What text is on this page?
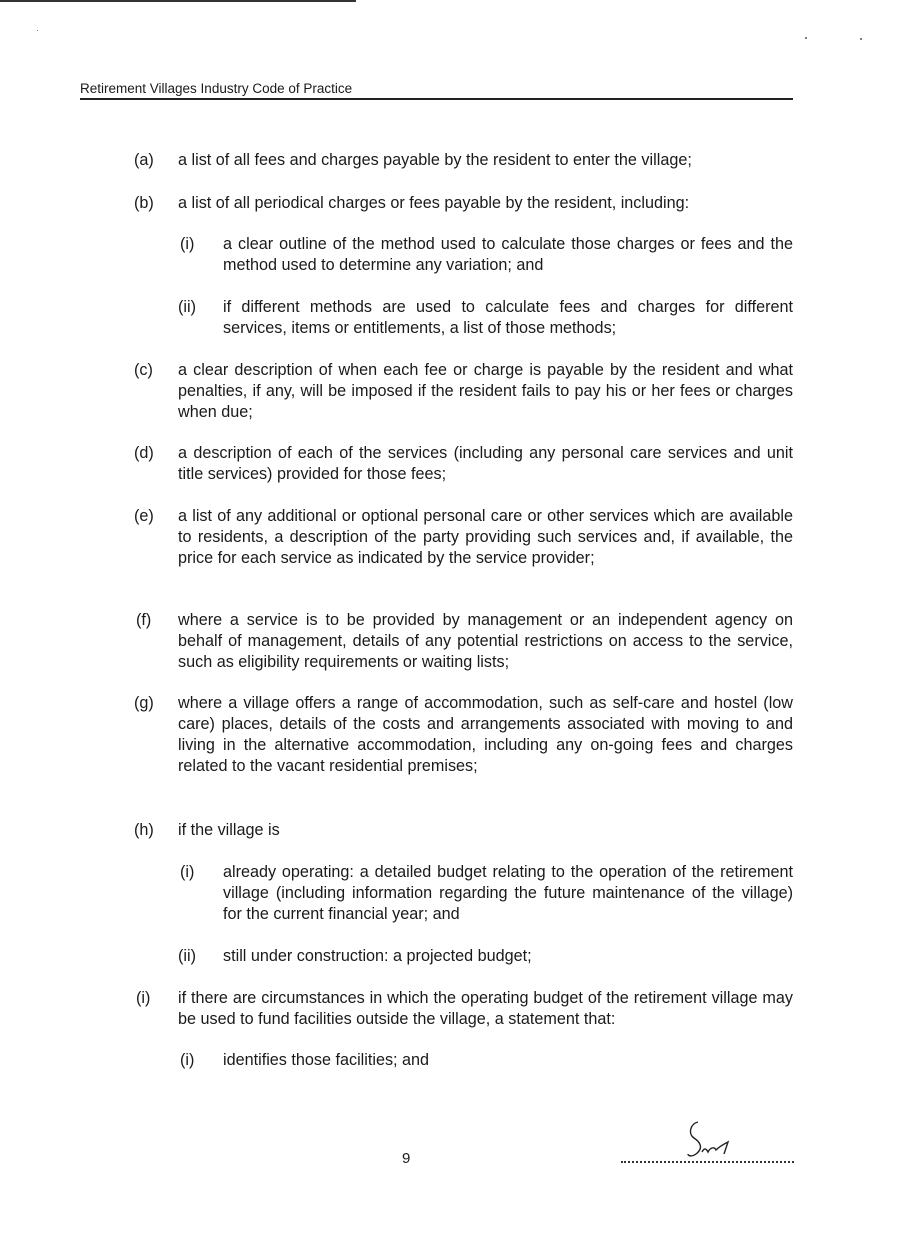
Retirement Villages Industry Code of Practice
(a)	a list of all fees and charges payable by the resident to enter the village;
(b)	a list of all periodical charges or fees payable by the resident, including:
(i)	a clear outline of the method used to calculate those charges or fees and the method used to determine any variation; and
(ii)	if different methods are used to calculate fees and charges for different services, items or entitlements, a list of those methods;
(c)	a clear description of when each fee or charge is payable by the resident and what penalties, if any, will be imposed if the resident fails to pay his or her fees or charges when due;
(d)	a description of each of the services (including any personal care services and unit title services) provided for those fees;
(e)	a list of any additional or optional personal care or other services which are available to residents, a description of the party providing such services and, if available, the price for each service as indicated by the service provider;
(f)	where a service is to be provided by management or an independent agency on behalf of management, details of any potential restrictions on access to the service, such as eligibility requirements or waiting lists;
(g)	where a village offers a range of accommodation, such as self-care and hostel (low care) places, details of the costs and arrangements associated with moving to and living in the alternative accommodation, including any on-going fees and charges related to the vacant residential premises;
(h)	if the village is
(i)	already operating: a detailed budget relating to the operation of the retirement village (including information regarding the future maintenance of the village) for the current financial year; and
(ii)	still under construction: a projected budget;
(i)	if there are circumstances in which the operating budget of the retirement village may be used to fund facilities outside the village, a statement that:
(i)	identifies those facilities; and
9
